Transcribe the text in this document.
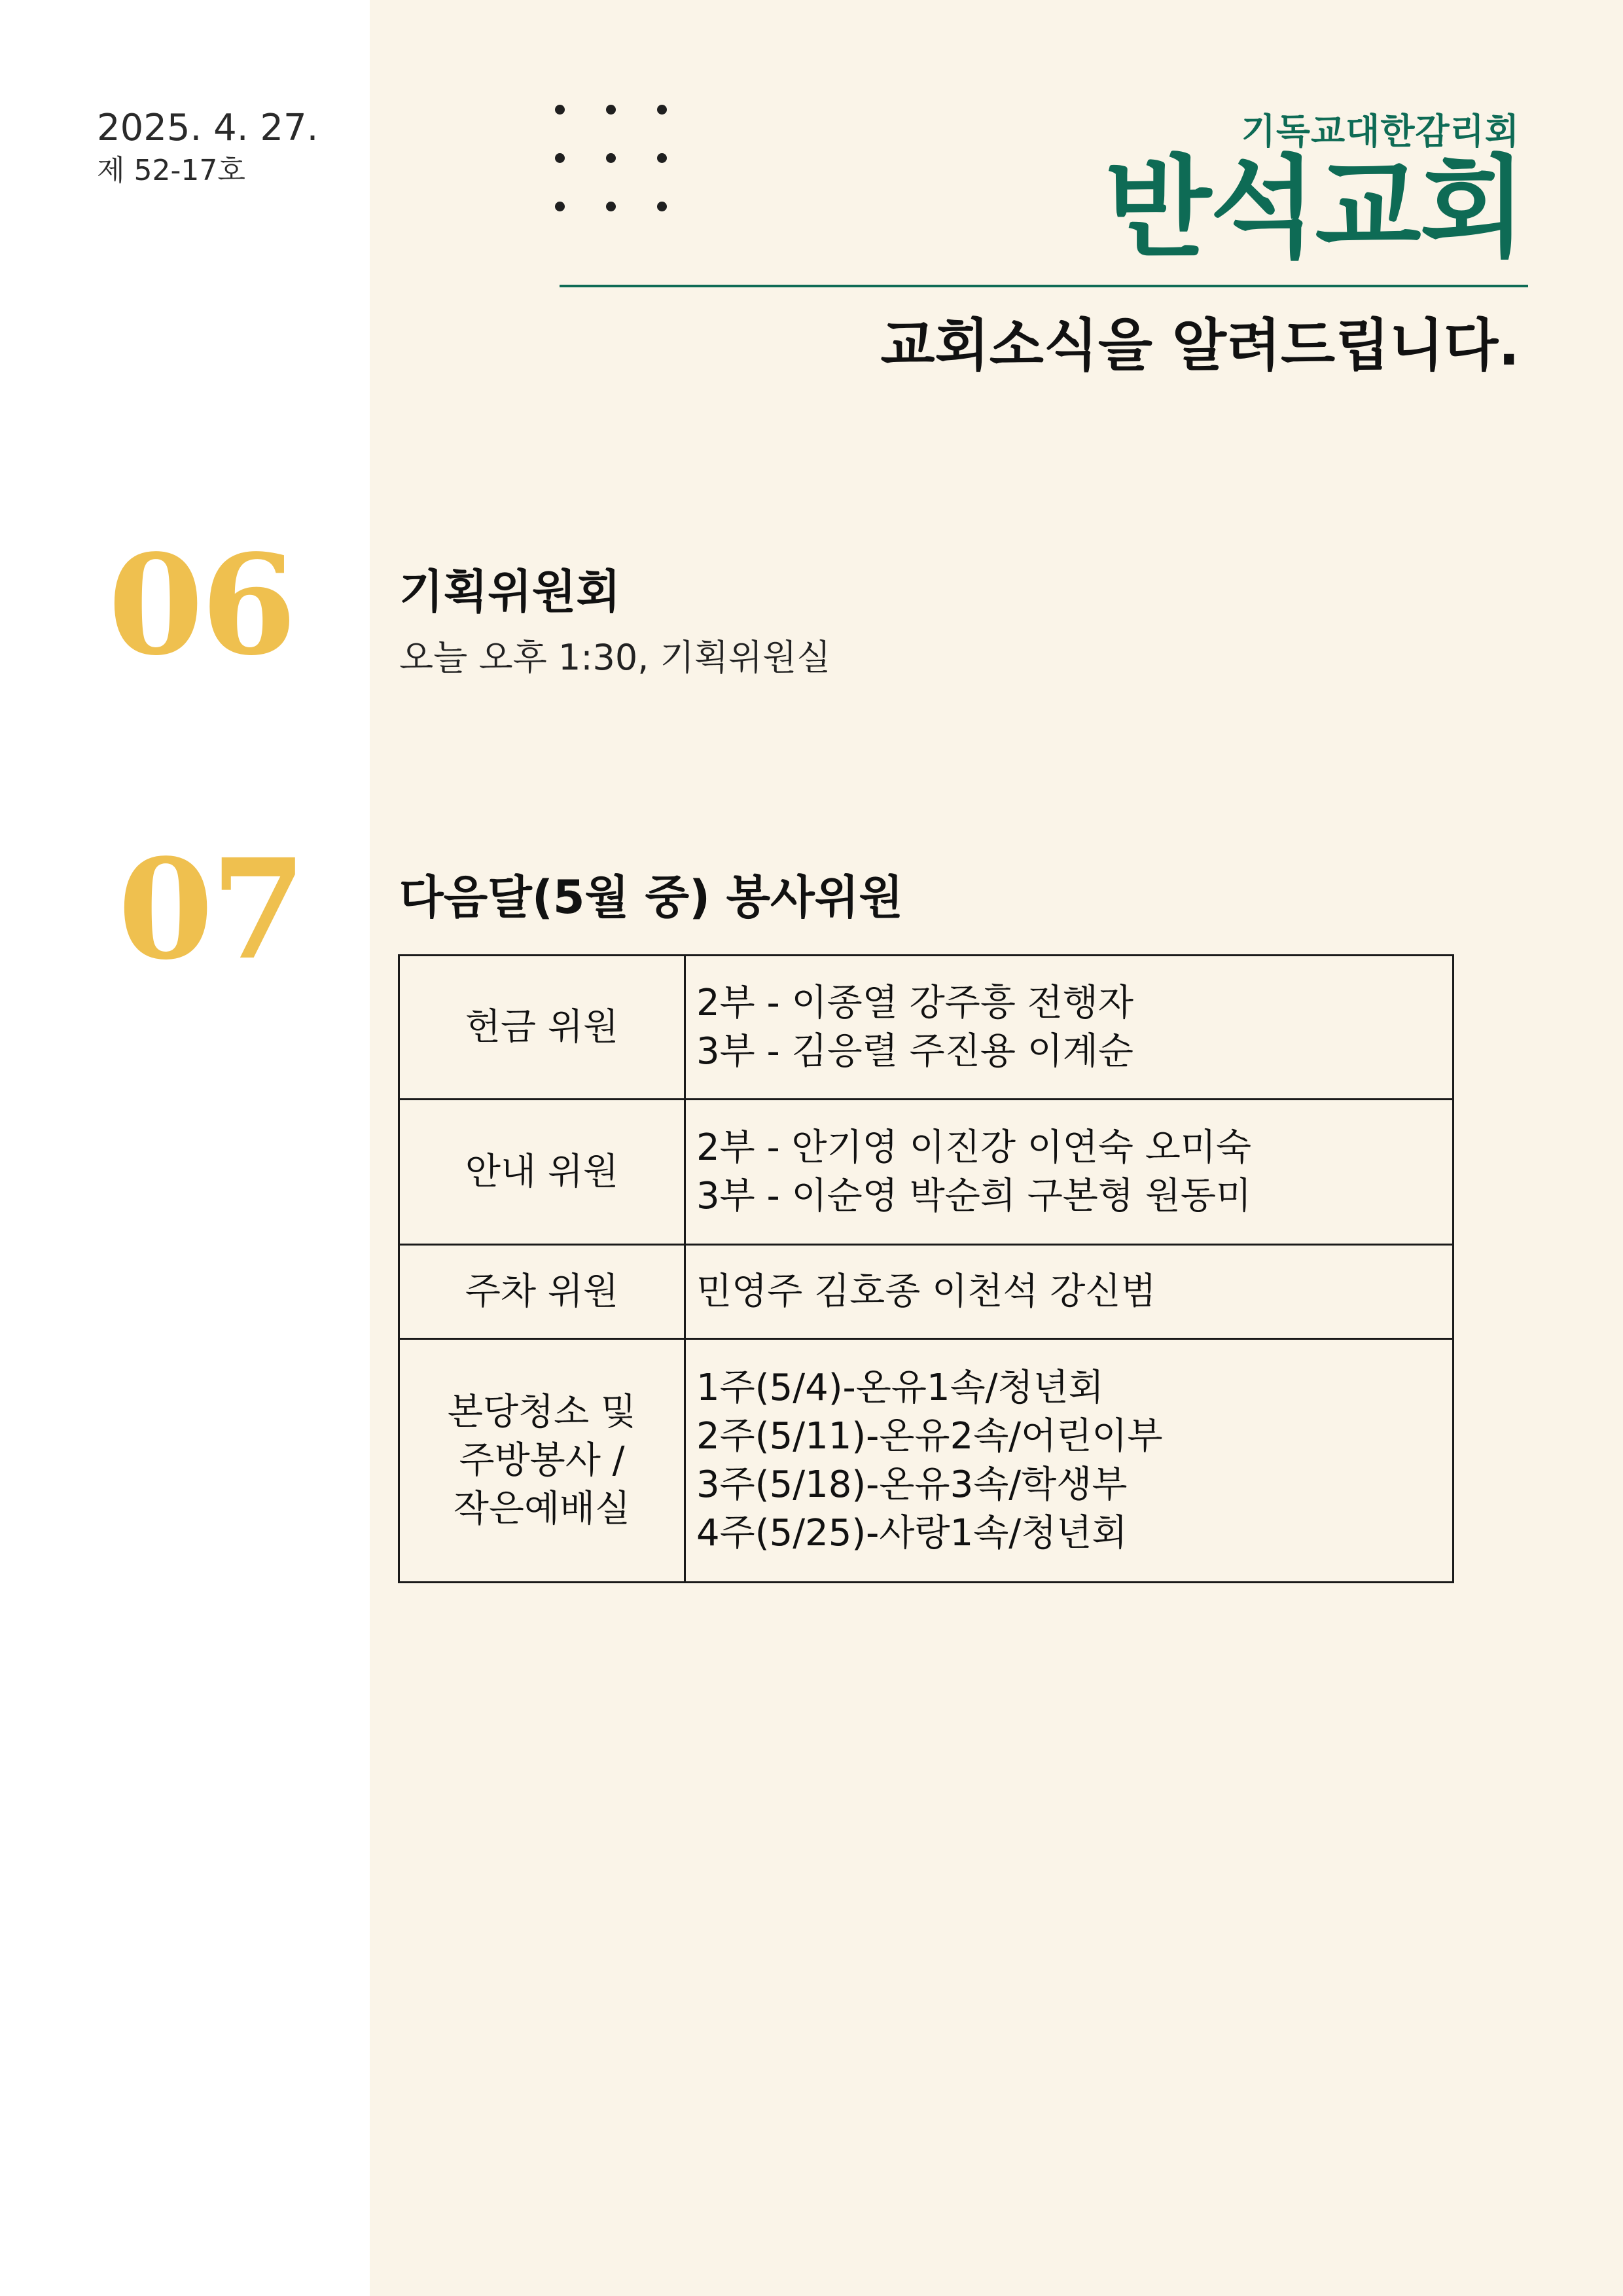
2025. 4. 27.
제 52-17호
기독교대한감리회
반석교회
교회소식을 알려드립니다.
06 기획위원회
오늘 오후 1:30, 기획위원실
07 다음달(5월 중) 봉사위원
헌금 위원	2부 - 이종열 강주흥 전행자
3부 - 김응렬 주진용 이계순

안내 위원	2부 - 안기영 이진강 이연숙 오미숙
3부 - 이순영 박순희 구본형 원동미

주차 위원	민영주 김호종 이천석 강신범

본당청소 및
주방봉사 /
작은예배실	1주(5/4)-온유1속/청년회
2주(5/11)-온유2속/어린이부
3주(5/18)-온유3속/학생부
4주(5/25)-사랑1속/청년회
